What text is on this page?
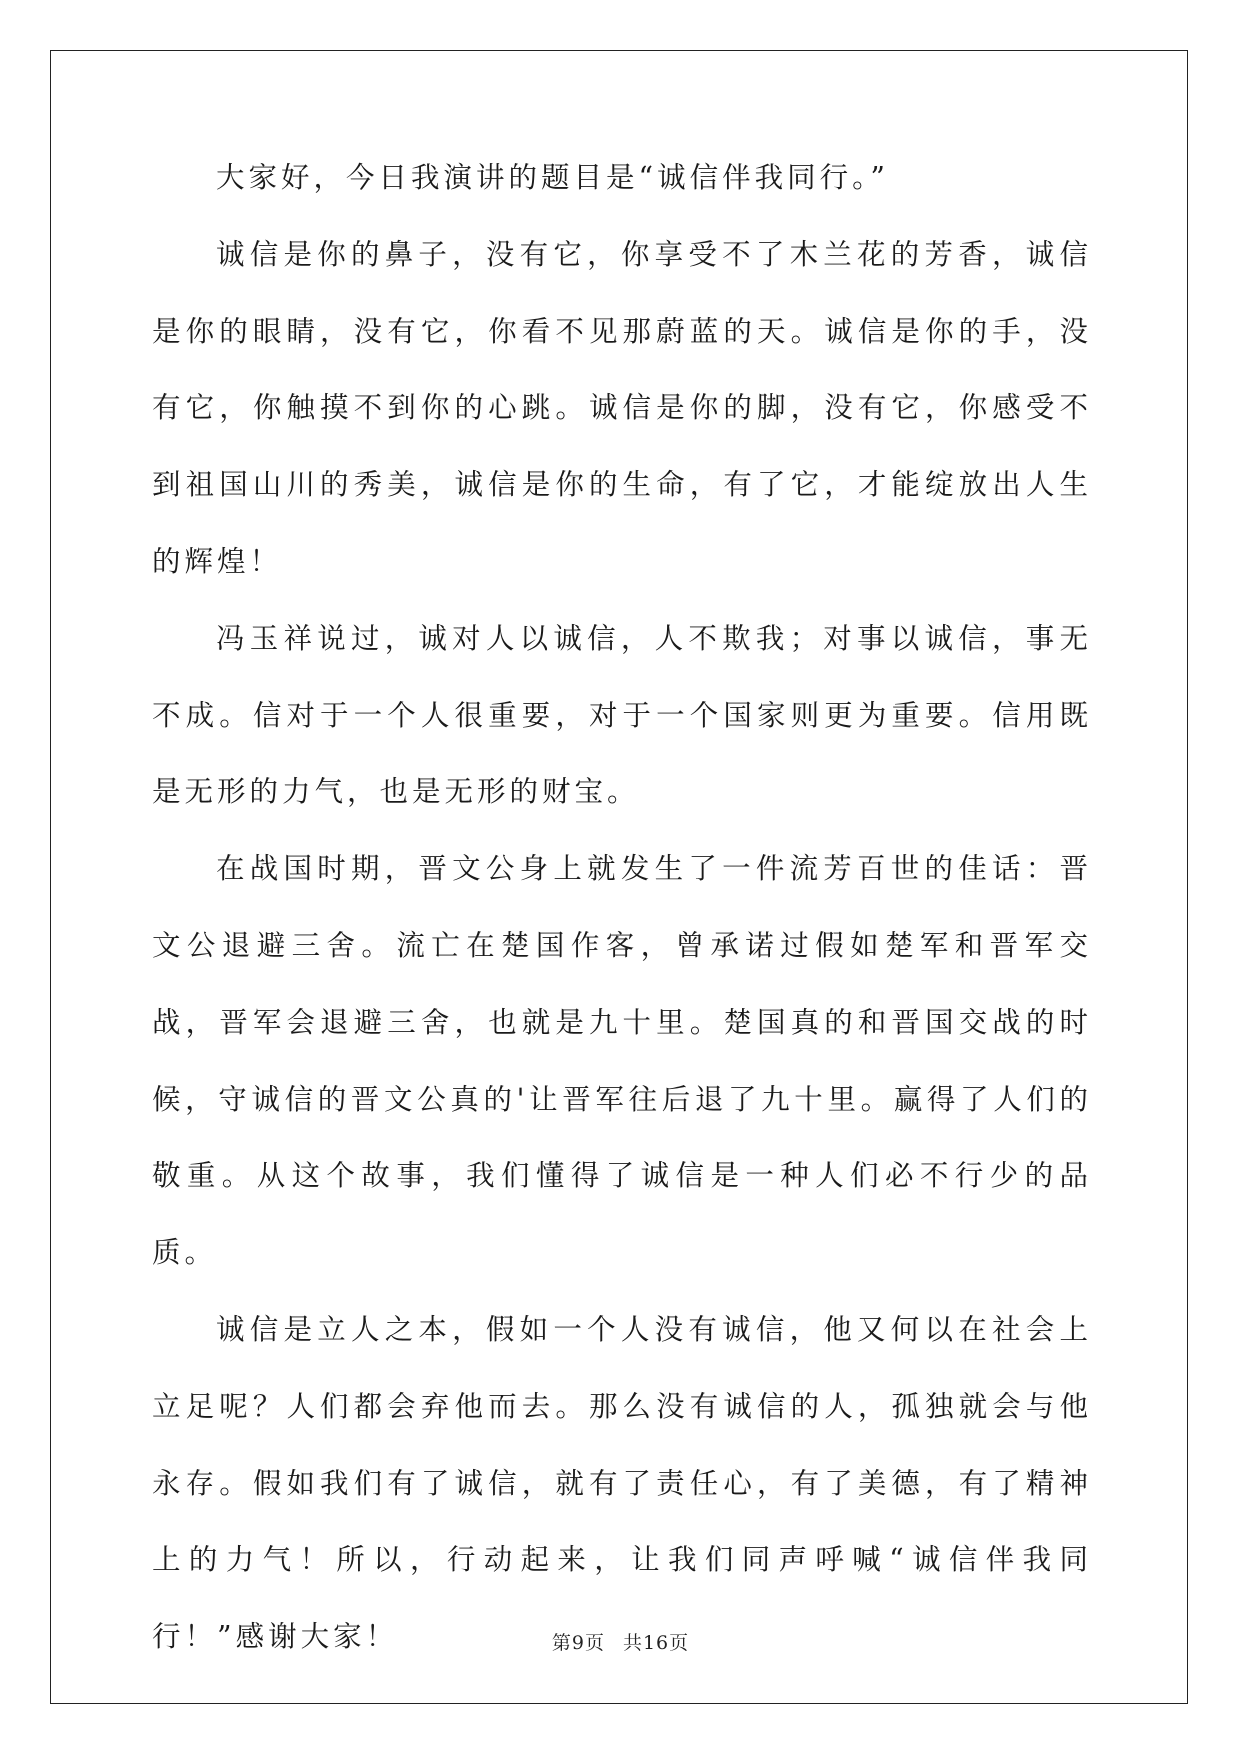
大家好，今日我演讲的题目是“诚信伴我同行。”

诚信是你的鼻子，没有它，你享受不了木兰花的芳香，诚信是你的眼睛，没有它，你看不见那蔚蓝的天。诚信是你的手，没有它，你触摸不到你的心跳。诚信是你的脚，没有它，你感受不到祖国山川的秀美，诚信是你的生命，有了它，才能绽放出人生的辉煌！

冯玉祥说过，诚对人以诚信，人不欺我；对事以诚信，事无不成。信对于一个人很重要，对于一个国家则更为重要。信用既是无形的力气，也是无形的财宝。

在战国时期，晋文公身上就发生了一件流芳百世的佳话：晋文公退避三舍。流亡在楚国作客，曾承诺过假如楚军和晋军交战，晋军会退避三舍，也就是九十里。楚国真的和晋国交战的时候，守诚信的晋文公真的'让晋军往后退了九十里。赢得了人们的敬重。从这个故事，我们懂得了诚信是一种人们必不行少的品质。

诚信是立人之本，假如一个人没有诚信，他又何以在社会上立足呢？人们都会弃他而去。那么没有诚信的人，孤独就会与他永存。假如我们有了诚信，就有了责任心，有了美德，有了精神上的力气！所以，行动起来，让我们同声呼喊“诚信伴我同行！”感谢大家！	第9页 共16页
